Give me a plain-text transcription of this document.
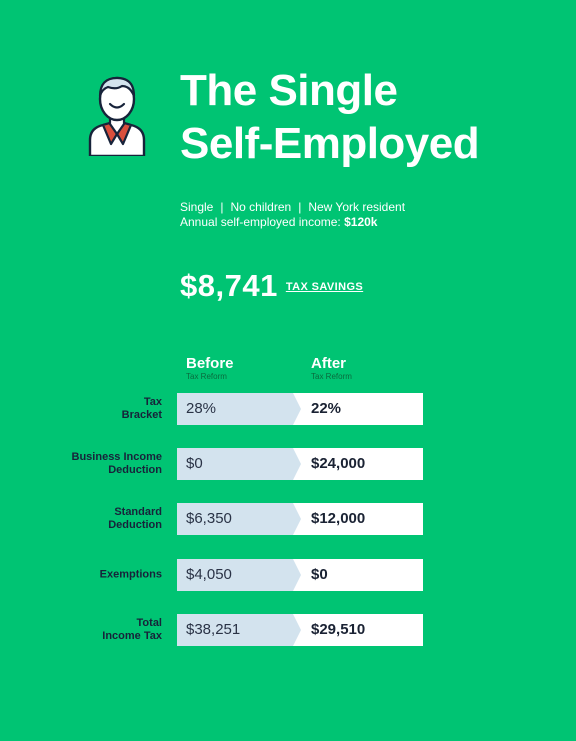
The Single
Self-Employed
Single | No children | New York resident
Annual self-employed income: $120k
$8,741 TAX SAVINGS
Before
Tax Reform
After
Tax Reform
Tax
Bracket 28%	22%
Business Income
Deduction $0	$24,000
Standard
Deduction $6,350	$12,000
Exemptions $4,050	$0
Total
Income Tax $38,251	$29,510
